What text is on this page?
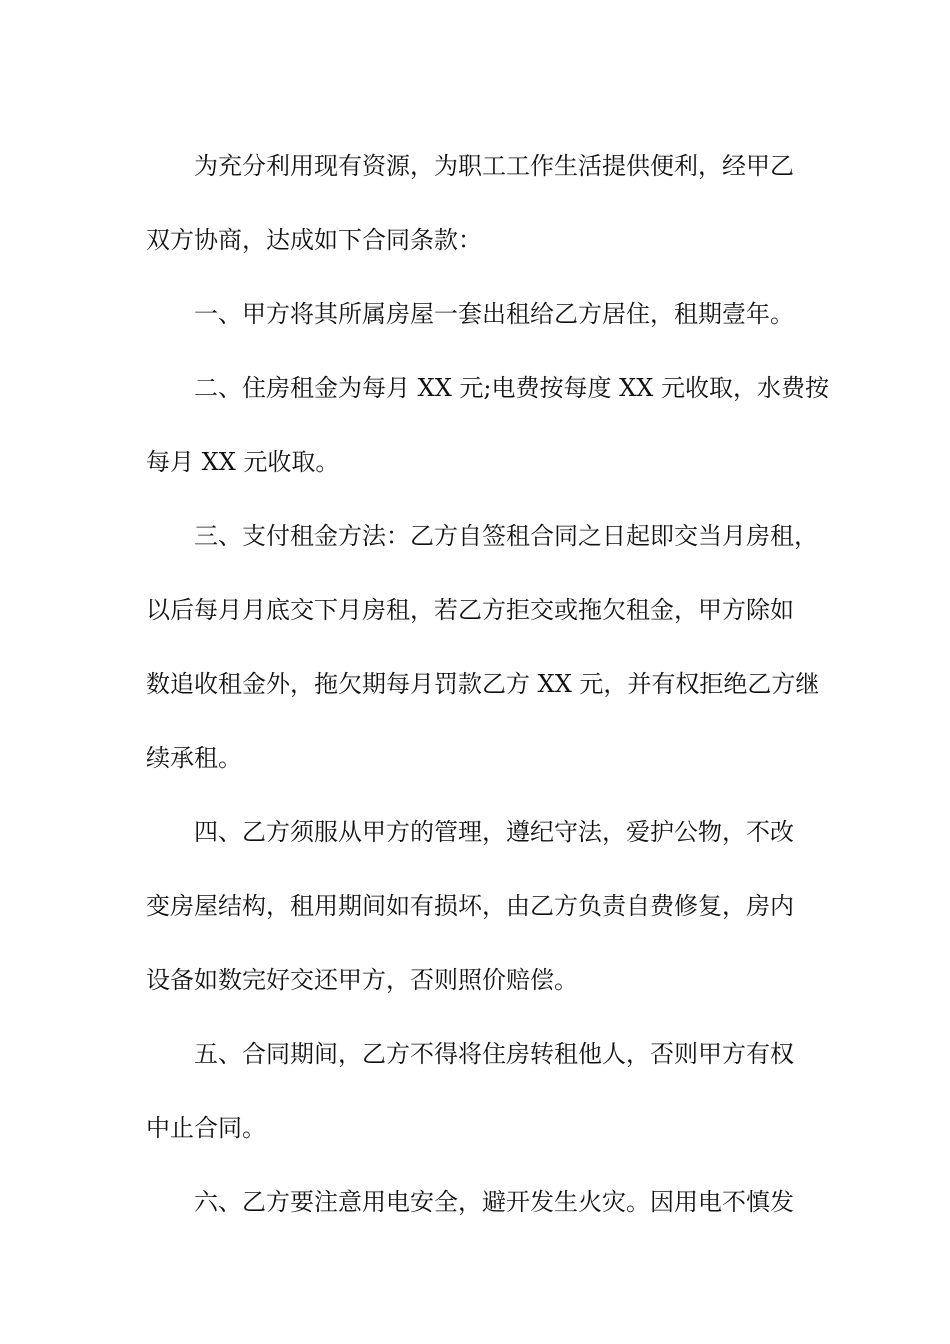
为充分利用现有资源，为职工工作生活提供便利，经甲乙
双方协商，达成如下合同条款：

一、甲方将其所属房屋一套出租给乙方居住，租期壹年。

二、住房租金为每月 XX 元;电费按每度 XX 元收取，水费按
每月 XX 元收取。

三、支付租金方法：乙方自签租合同之日起即交当月房租，
以后每月月底交下月房租，若乙方拒交或拖欠租金，甲方除如
数追收租金外，拖欠期每月罚款乙方 XX 元，并有权拒绝乙方继
续承租。

四、乙方须服从甲方的管理，遵纪守法，爱护公物，不改
变房屋结构，租用期间如有损坏，由乙方负责自费修复，房内
设备如数完好交还甲方，否则照价赔偿。

五、合同期间，乙方不得将住房转租他人，否则甲方有权
中止合同。

六、乙方要注意用电安全，避开发生火灾。因用电不慎发
